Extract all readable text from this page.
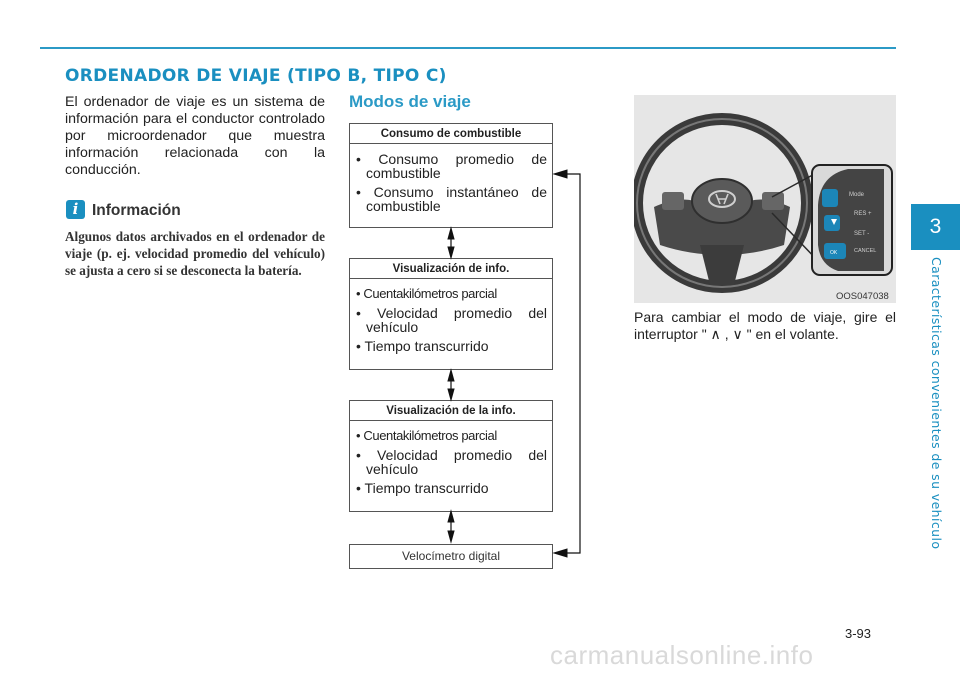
ORDENADOR DE VIAJE (TIPO B, TIPO C)

El ordenador de viaje es un sistema de información para el conductor controlado por microordenador que muestra información relacionada con la conducción.

i Información

Algunos datos archivados en el ordenador de viaje (p. ej. velocidad promedio del vehículo) se ajusta a cero si se desconecta la batería.

Modos de viaje
Consumo de combustible
• Consumo promedio de combustible
• Consumo instantáneo de combustible
Visualización de info.
• Cuentakilómetros parcial
• Velocidad promedio del vehículo
• Tiempo transcurrido
Visualización de la info.
• Cuentakilómetros parcial
• Velocidad promedio del vehículo
• Tiempo transcurrido
Velocímetro digital
Mode
RES +
SET -
OK	CANCEL

OOS047038

Para cambiar el modo de viaje, gire el interruptor " ∧ , ∨ " en el volante.

3
Características convenientes de su vehículo

3-93

carmanualsonline.info
